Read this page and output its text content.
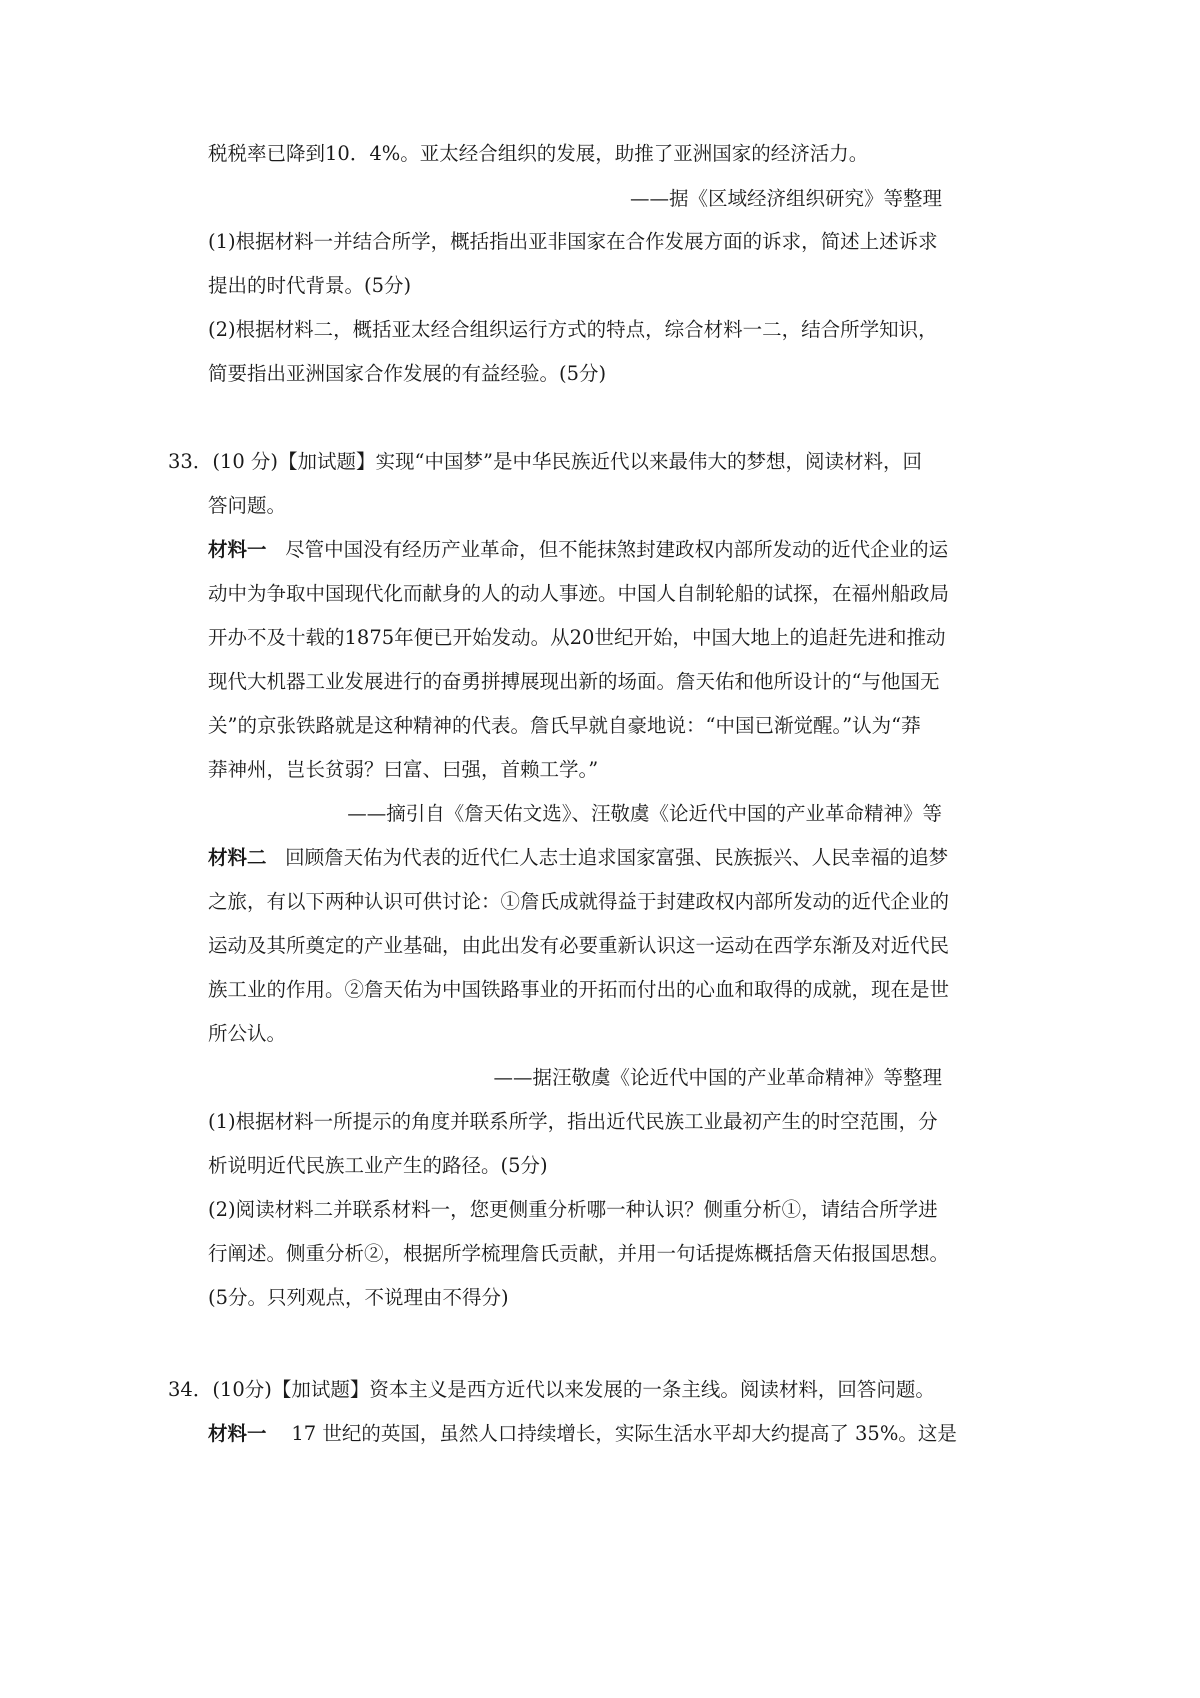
税税率已降到10．4%。亚太经合组织的发展，助推了亚洲国家的经济活力。
——据《区域经济组织研究》等整理
(1)根据材料一并结合所学，概括指出亚非国家在合作发展方面的诉求，简述上述诉求
提出的时代背景。(5分)
(2)根据材料二，概括亚太经合组织运行方式的特点，综合材料一二，结合所学知识，
简要指出亚洲国家合作发展的有益经验。(5分)
33．(10 分)【加试题】实现“中国梦”是中华民族近代以来最伟大的梦想，阅读材料，回
答问题。
材料一 尽管中国没有经历产业革命，但不能抹煞封建政权内部所发动的近代企业的运
动中为争取中国现代化而献身的人的动人事迹。中国人自制轮船的试探，在福州船政局
开办不及十载的1875年便已开始发动。从20世纪开始，中国大地上的追赶先进和推动
现代大机器工业发展进行的奋勇拼搏展现出新的场面。詹天佑和他所设计的“与他国无
关”的京张铁路就是这种精神的代表。詹氏早就自豪地说：“中国已渐觉醒。”认为“莽
莽神州，岂长贫弱？曰富、曰强，首赖工学。”
——摘引自《詹天佑文选》、汪敬虞《论近代中国的产业革命精神》等
材料二 回顾詹天佑为代表的近代仁人志士追求国家富强、民族振兴、人民幸福的追梦
之旅，有以下两种认识可供讨论：①詹氏成就得益于封建政权内部所发动的近代企业的
运动及其所奠定的产业基础，由此出发有必要重新认识这一运动在西学东渐及对近代民
族工业的作用。②詹天佑为中国铁路事业的开拓而付出的心血和取得的成就，现在是世
所公认。
——据汪敬虞《论近代中国的产业革命精神》等整理
(1)根据材料一所提示的角度并联系所学，指出近代民族工业最初产生的时空范围，分
析说明近代民族工业产生的路径。(5分)
(2)阅读材料二并联系材料一，您更侧重分析哪一种认识？侧重分析①，请结合所学进
行阐述。侧重分析②，根据所学梳理詹氏贡献，并用一句话提炼概括詹天佑报国思想。
(5分。只列观点，不说理由不得分)
34．(10分)【加试题】资本主义是西方近代以来发展的一条主线。阅读材料，回答问题。
材料一 17 世纪的英国，虽然人口持续增长，实际生活水平却大约提高了 35%。这是
